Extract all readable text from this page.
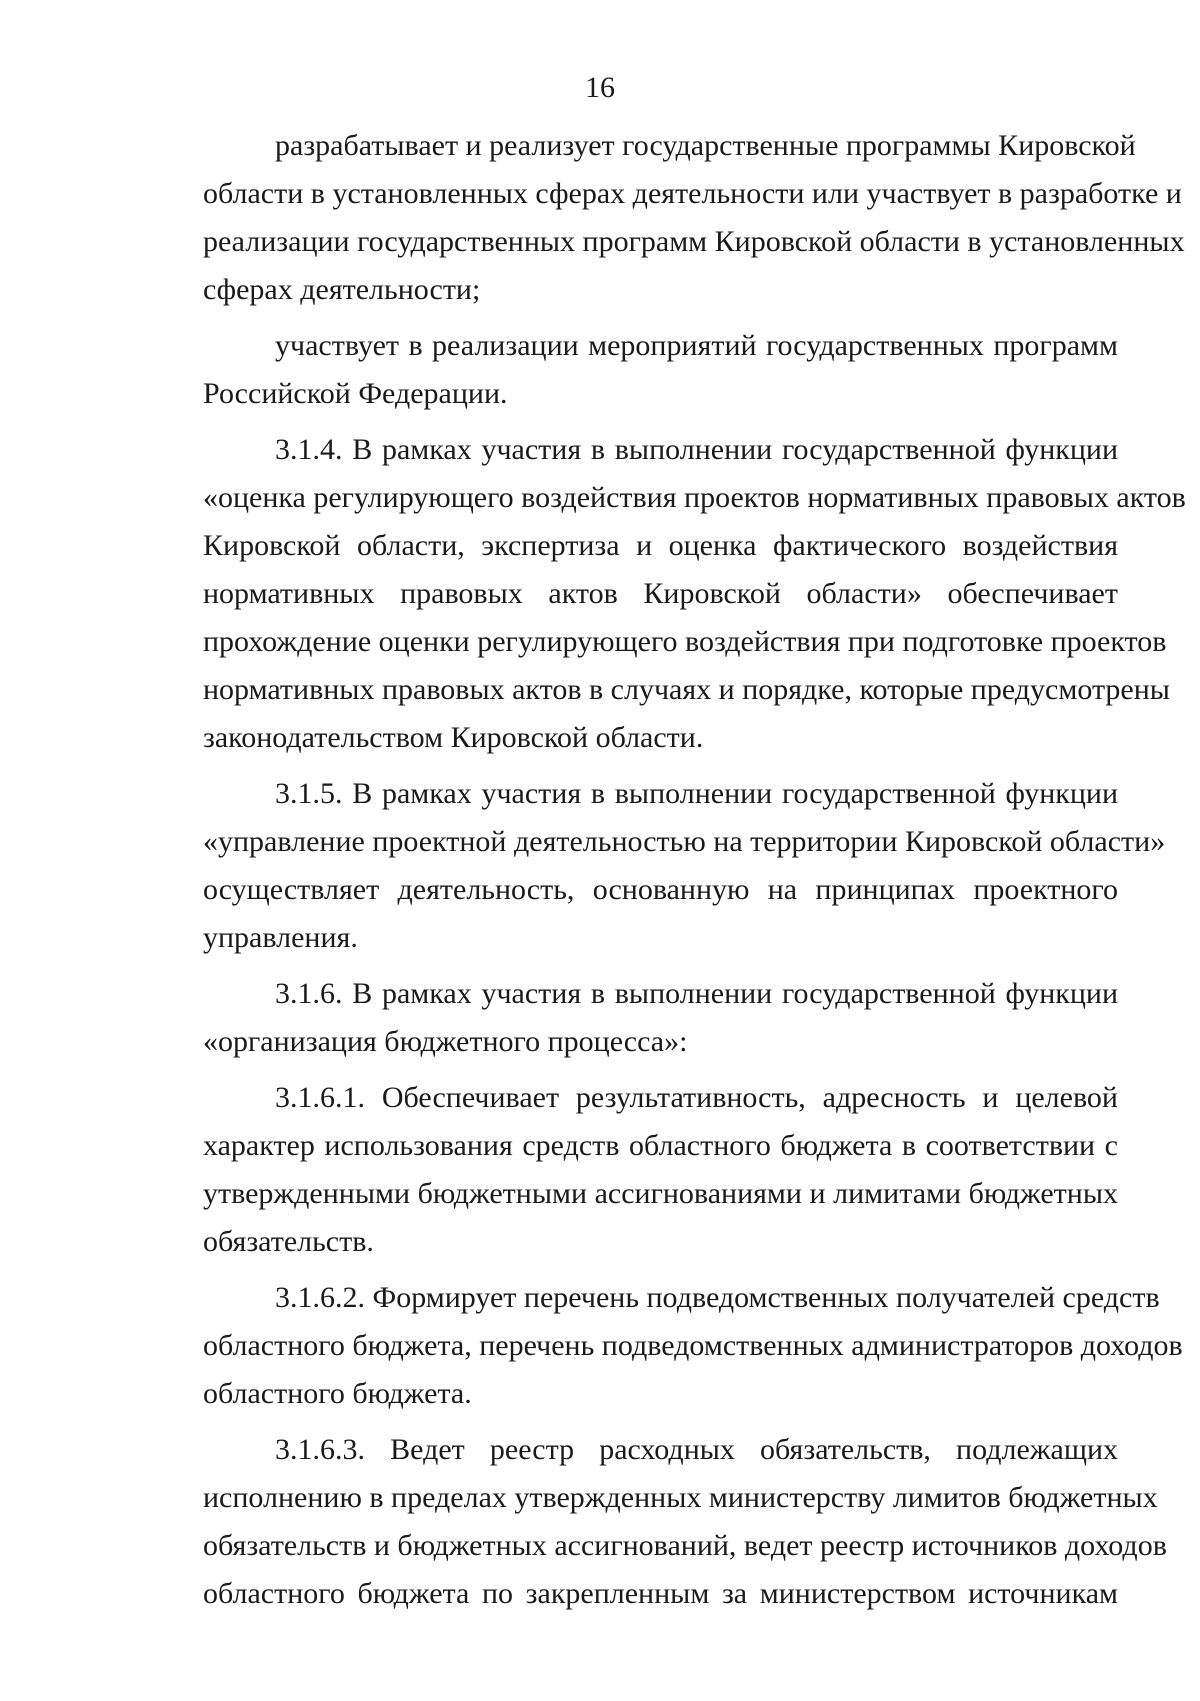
16
разрабатывает и реализует государственные программы Кировской
области в установленных сферах деятельности или участвует в разработке и
реализации государственных программ Кировской области в установленных
сферах деятельности;
участвует в реализации мероприятий государственных программ
Российской Федерации.
3.1.4. В рамках участия в выполнении государственной функции
«оценка регулирующего воздействия проектов нормативных правовых актов
Кировской области, экспертиза и оценка фактического воздействия
нормативных правовых актов Кировской области» обеспечивает
прохождение оценки регулирующего воздействия при подготовке проектов
нормативных правовых актов в случаях и порядке, которые предусмотрены
законодательством Кировской области.
3.1.5. В рамках участия в выполнении государственной функции
«управление проектной деятельностью на территории Кировской области»
осуществляет деятельность, основанную на принципах проектного
управления.
3.1.6. В рамках участия в выполнении государственной функции
«организация бюджетного процесса»:
3.1.6.1. Обеспечивает результативность, адресность и целевой
характер использования средств областного бюджета в соответствии с
утвержденными бюджетными ассигнованиями и лимитами бюджетных
обязательств.
3.1.6.2. Формирует перечень подведомственных получателей средств
областного бюджета, перечень подведомственных администраторов доходов
областного бюджета.
3.1.6.3. Ведет реестр расходных обязательств, подлежащих
исполнению в пределах утвержденных министерству лимитов бюджетных
обязательств и бюджетных ассигнований, ведет реестр источников доходов
областного бюджета по закрепленным за министерством источникам
